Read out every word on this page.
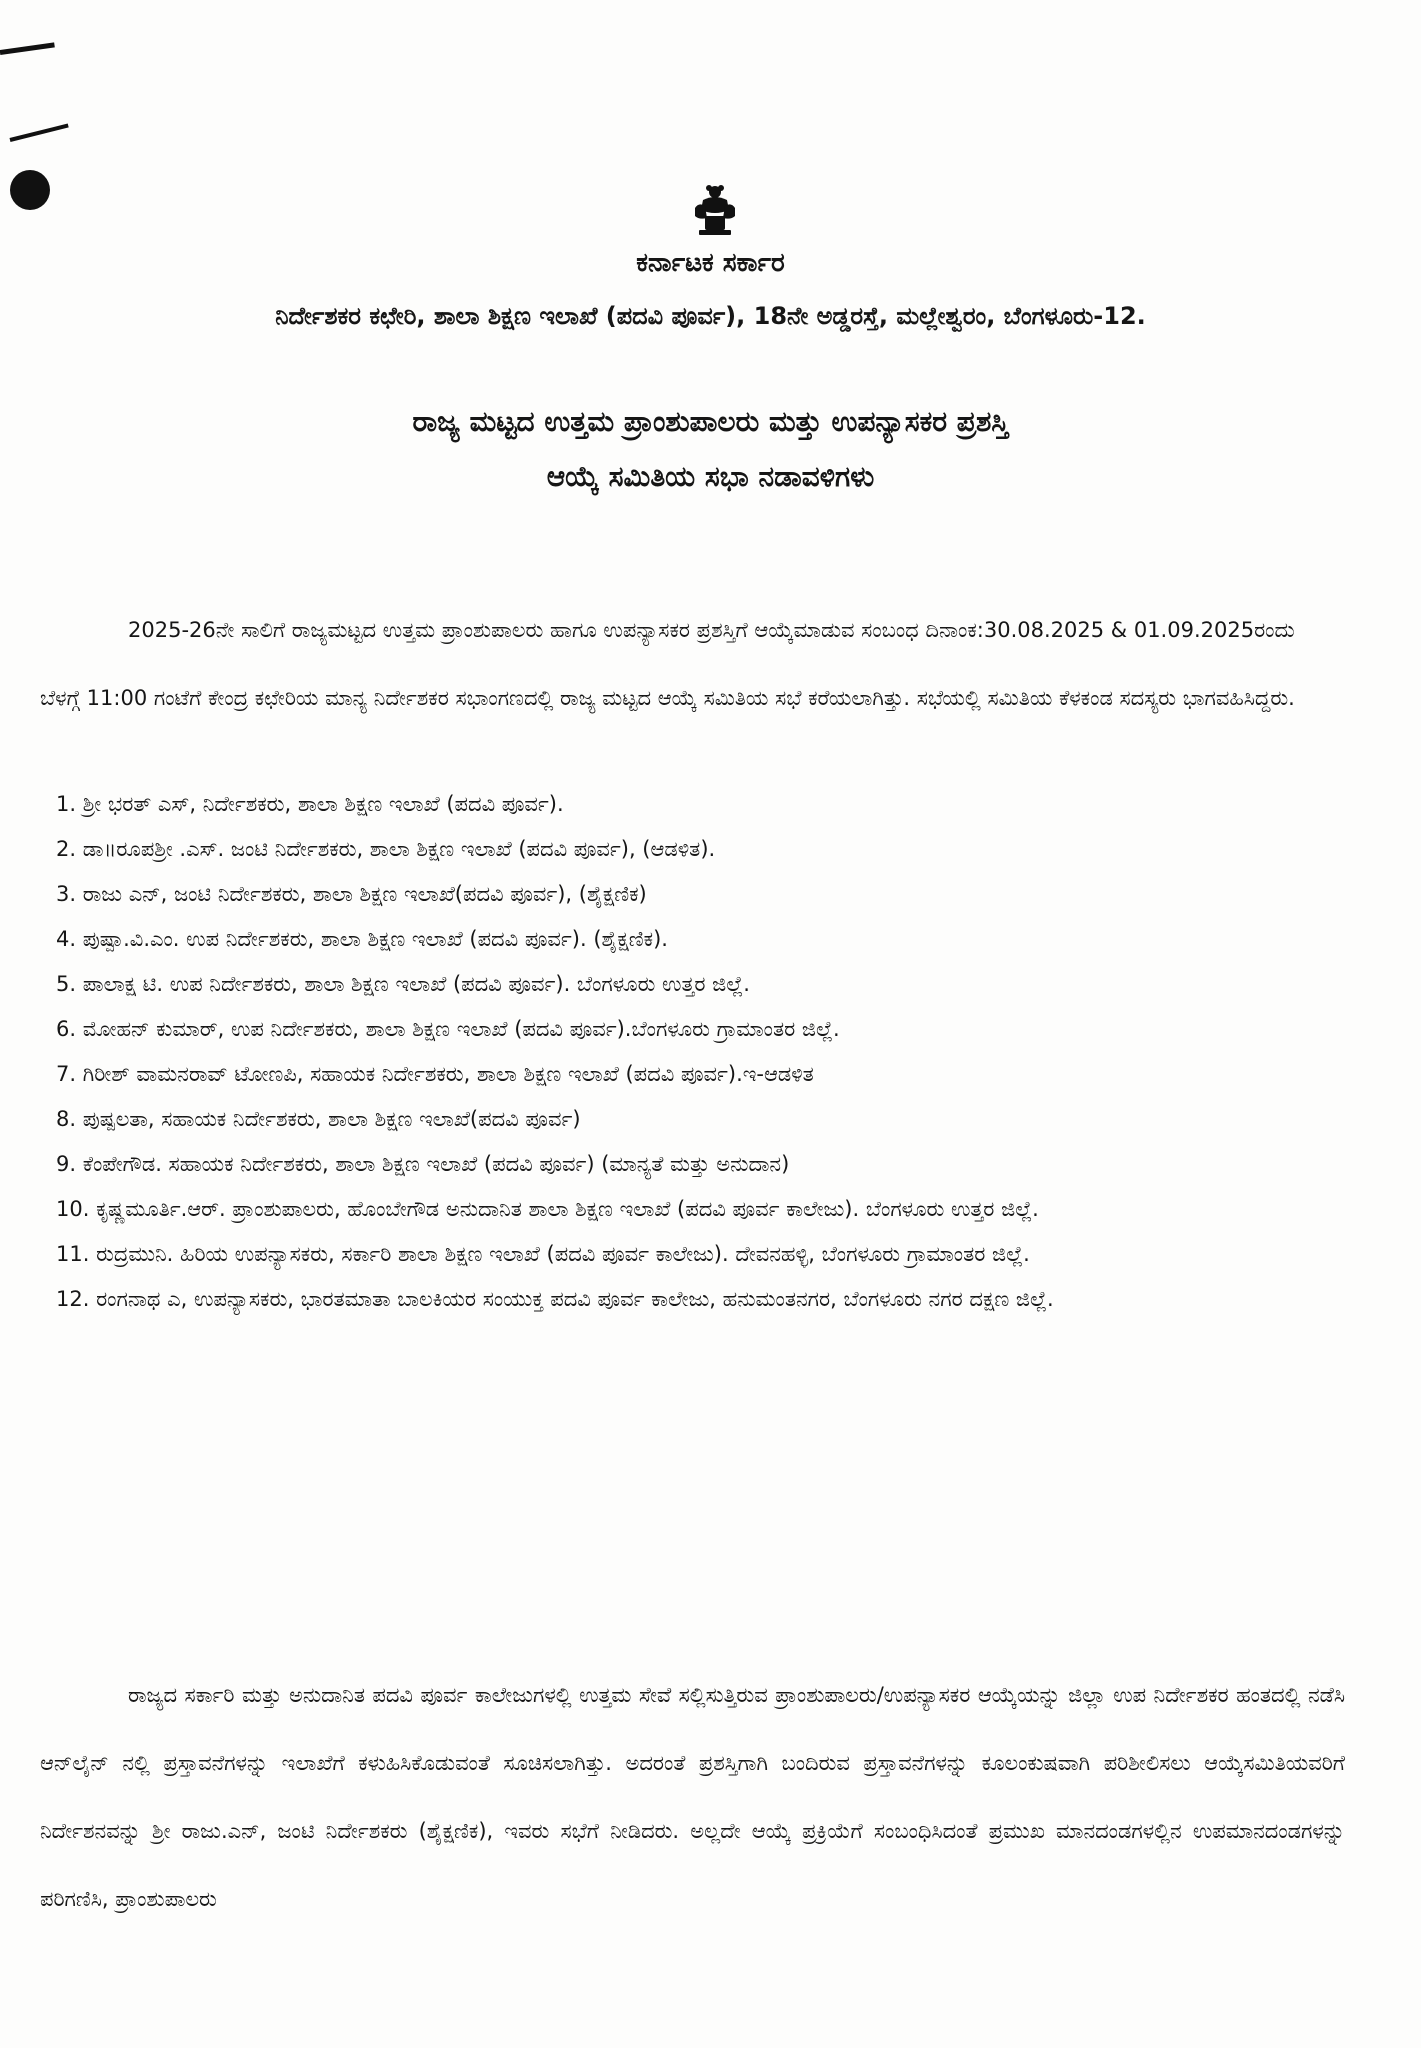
ಕರ್ನಾಟಕ ಸರ್ಕಾರ
ನಿರ್ದೇಶಕರ ಕಛೇರಿ, ಶಾಲಾ ಶಿಕ್ಷಣ ಇಲಾಖೆ (ಪದವಿ ಪೂರ್ವ), 18ನೇ ಅಡ್ಡರಸ್ತೆ, ಮಲ್ಲೇಶ್ವರಂ, ಬೆಂಗಳೂರು-12.
ರಾಜ್ಯ ಮಟ್ಟದ ಉತ್ತಮ ಪ್ರಾಂಶುಪಾಲರು ಮತ್ತು ಉಪನ್ಯಾಸಕರ ಪ್ರಶಸ್ತಿ
ಆಯ್ಕೆ ಸಮಿತಿಯ ಸಭಾ ನಡಾವಳಿಗಳು

2025-26ನೇ ಸಾಲಿಗೆ ರಾಜ್ಯಮಟ್ಟದ ಉತ್ತಮ ಪ್ರಾಂಶುಪಾಲರು ಹಾಗೂ ಉಪನ್ಯಾಸಕರ ಪ್ರಶಸ್ತಿಗೆ ಆಯ್ಕೆಮಾಡುವ ಸಂಬಂಧ ದಿನಾಂಕ:30.08.2025 & 01.09.2025ರಂದು ಬೆಳಗ್ಗೆ 11:00 ಗಂಟೆಗೆ ಕೇಂದ್ರ ಕಛೇರಿಯ ಮಾನ್ಯ ನಿರ್ದೇಶಕರ ಸಭಾಂಗಣದಲ್ಲಿ ರಾಜ್ಯ ಮಟ್ಟದ ಆಯ್ಕೆ ಸಮಿತಿಯ ಸಭೆ ಕರೆಯಲಾಗಿತ್ತು. ಸಭೆಯಲ್ಲಿ ಸಮಿತಿಯ ಕೆಳಕಂಡ ಸದಸ್ಯರು ಭಾಗವಹಿಸಿದ್ದರು.

1. ಶ್ರೀ ಭರತ್ ಎಸ್, ನಿರ್ದೇಶಕರು, ಶಾಲಾ ಶಿಕ್ಷಣ ಇಲಾಖೆ (ಪದವಿ ಪೂರ್ವ).
2. ಡಾ॥ರೂಪಶ್ರೀ .ಎಸ್. ಜಂಟಿ ನಿರ್ದೇಶಕರು, ಶಾಲಾ ಶಿಕ್ಷಣ ಇಲಾಖೆ (ಪದವಿ ಪೂರ್ವ), (ಆಡಳಿತ).
3. ರಾಜು ಎನ್, ಜಂಟಿ ನಿರ್ದೇಶಕರು, ಶಾಲಾ ಶಿಕ್ಷಣ ಇಲಾಖೆ(ಪದವಿ ಪೂರ್ವ), (ಶೈಕ್ಷಣಿಕ)
4. ಪುಷ್ಪಾ.ವಿ.ಎಂ. ಉಪ ನಿರ್ದೇಶಕರು, ಶಾಲಾ ಶಿಕ್ಷಣ ಇಲಾಖೆ (ಪದವಿ ಪೂರ್ವ). (ಶೈಕ್ಷಣಿಕ).
5. ಪಾಲಾಕ್ಷ ಟಿ. ಉಪ ನಿರ್ದೇಶಕರು, ಶಾಲಾ ಶಿಕ್ಷಣ ಇಲಾಖೆ (ಪದವಿ ಪೂರ್ವ). ಬೆಂಗಳೂರು ಉತ್ತರ ಜಿಲ್ಲೆ.
6. ಮೋಹನ್ ಕುಮಾರ್, ಉಪ ನಿರ್ದೇಶಕರು, ಶಾಲಾ ಶಿಕ್ಷಣ ಇಲಾಖೆ (ಪದವಿ ಪೂರ್ವ).ಬೆಂಗಳೂರು ಗ್ರಾಮಾಂತರ ಜಿಲ್ಲೆ.
7. ಗಿರೀಶ್ ವಾಮನರಾವ್ ಟೋಣಪಿ, ಸಹಾಯಕ ನಿರ್ದೇಶಕರು, ಶಾಲಾ ಶಿಕ್ಷಣ ಇಲಾಖೆ (ಪದವಿ ಪೂರ್ವ).ಇ-ಆಡಳಿತ
8. ಪುಷ್ಪಲತಾ, ಸಹಾಯಕ ನಿರ್ದೇಶಕರು, ಶಾಲಾ ಶಿಕ್ಷಣ ಇಲಾಖೆ(ಪದವಿ ಪೂರ್ವ)
9. ಕೆಂಪೇಗೌಡ. ಸಹಾಯಕ ನಿರ್ದೇಶಕರು, ಶಾಲಾ ಶಿಕ್ಷಣ ಇಲಾಖೆ (ಪದವಿ ಪೂರ್ವ) (ಮಾನ್ಯತೆ ಮತ್ತು ಅನುದಾನ)
10. ಕೃಷ್ಣಮೂರ್ತಿ.ಆರ್. ಪ್ರಾಂಶುಪಾಲರು, ಹೊಂಬೇಗೌಡ ಅನುದಾನಿತ ಶಾಲಾ ಶಿಕ್ಷಣ ಇಲಾಖೆ (ಪದವಿ ಪೂರ್ವ ಕಾಲೇಜು). ಬೆಂಗಳೂರು ಉತ್ತರ ಜಿಲ್ಲೆ.
11. ರುದ್ರಮುನಿ. ಹಿರಿಯ ಉಪನ್ಯಾಸಕರು, ಸರ್ಕಾರಿ ಶಾಲಾ ಶಿಕ್ಷಣ ಇಲಾಖೆ (ಪದವಿ ಪೂರ್ವ ಕಾಲೇಜು). ದೇವನಹಳ್ಳಿ, ಬೆಂಗಳೂರು ಗ್ರಾಮಾಂತರ ಜಿಲ್ಲೆ.
12. ರಂಗನಾಥ ಎ, ಉಪನ್ಯಾಸಕರು, ಭಾರತಮಾತಾ ಬಾಲಕಿಯರ ಸಂಯುಕ್ತ ಪದವಿ ಪೂರ್ವ ಕಾಲೇಜು, ಹನುಮಂತನಗರ, ಬೆಂಗಳೂರು ನಗರ ದಕ್ಷಣ ಜಿಲ್ಲೆ.

ರಾಜ್ಯದ ಸರ್ಕಾರಿ ಮತ್ತು ಅನುದಾನಿತ ಪದವಿ ಪೂರ್ವ ಕಾಲೇಜುಗಳಲ್ಲಿ ಉತ್ತಮ ಸೇವೆ ಸಲ್ಲಿಸುತ್ತಿರುವ ಪ್ರಾಂಶುಪಾಲರು/ಉಪನ್ಯಾಸಕರ ಆಯ್ಕೆಯನ್ನು ಜಿಲ್ಲಾ ಉಪ ನಿರ್ದೇಶಕರ ಹಂತದಲ್ಲಿ ನಡೆಸಿ ಆನ್‌ಲೈನ್ ನಲ್ಲಿ ಪ್ರಸ್ತಾವನೆಗಳನ್ನು ಇಲಾಖೆಗೆ ಕಳುಹಿಸಿಕೊಡುವಂತೆ ಸೂಚಿಸಲಾಗಿತ್ತು. ಅದರಂತೆ ಪ್ರಶಸ್ತಿಗಾಗಿ ಬಂದಿರುವ ಪ್ರಸ್ತಾವನೆಗಳನ್ನು ಕೂಲಂಕುಷವಾಗಿ ಪರಿಶೀಲಿಸಲು ಆಯ್ಕೆಸಮಿತಿಯವರಿಗೆ ನಿರ್ದೇಶನವನ್ನು ಶ್ರೀ ರಾಜು.ಎನ್, ಜಂಟಿ ನಿರ್ದೇಶಕರು (ಶೈಕ್ಷಣಿಕ), ಇವರು ಸಭೆಗೆ ನೀಡಿದರು. ಅಲ್ಲದೇ ಆಯ್ಕೆ ಪ್ರಕ್ರಿಯೆಗೆ ಸಂಬಂಧಿಸಿದಂತೆ ಪ್ರಮುಖ ಮಾನದಂಡಗಳಲ್ಲಿನ ಉಪಮಾನದಂಡಗಳನ್ನು ಪರಿಗಣಿಸಿ, ಪ್ರಾಂಶುಪಾಲರು
